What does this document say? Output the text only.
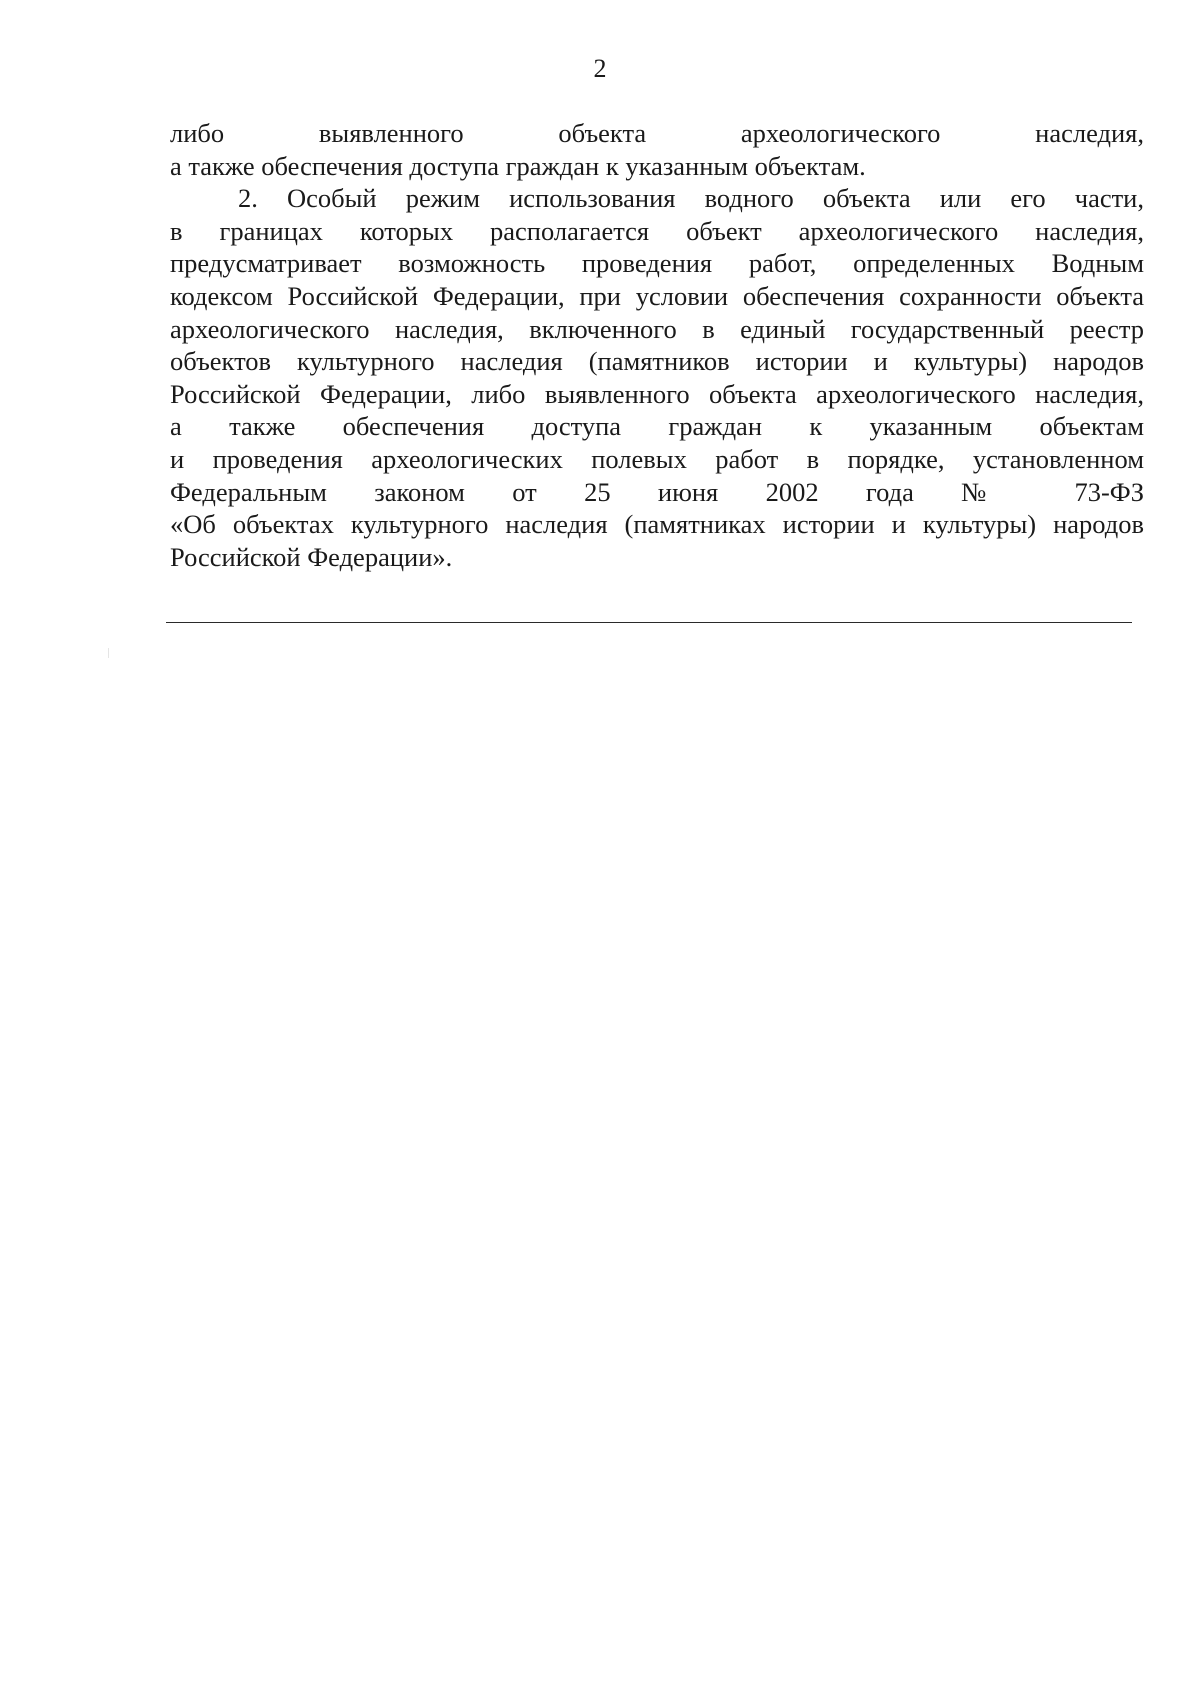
2
либо выявленного объекта археологического наследия,
а также обеспечения доступа граждан к указанным объектам.
2. Особый режим использования водного объекта или его части,
в границах которых располагается объект археологического наследия,
предусматривает возможность проведения работ, определенных Водным
кодексом Российской Федерации, при условии обеспечения сохранности объекта
археологического наследия, включенного в единый государственный реестр
объектов культурного наследия (памятников истории и культуры) народов
Российской Федерации, либо выявленного объекта археологического наследия,
а также обеспечения доступа граждан к указанным объектам
и проведения археологических полевых работ в порядке, установленном
Федеральным законом от 25 июня 2002 года № 73-ФЗ
«Об объектах культурного наследия (памятниках истории и культуры) народов
Российской Федерации».
